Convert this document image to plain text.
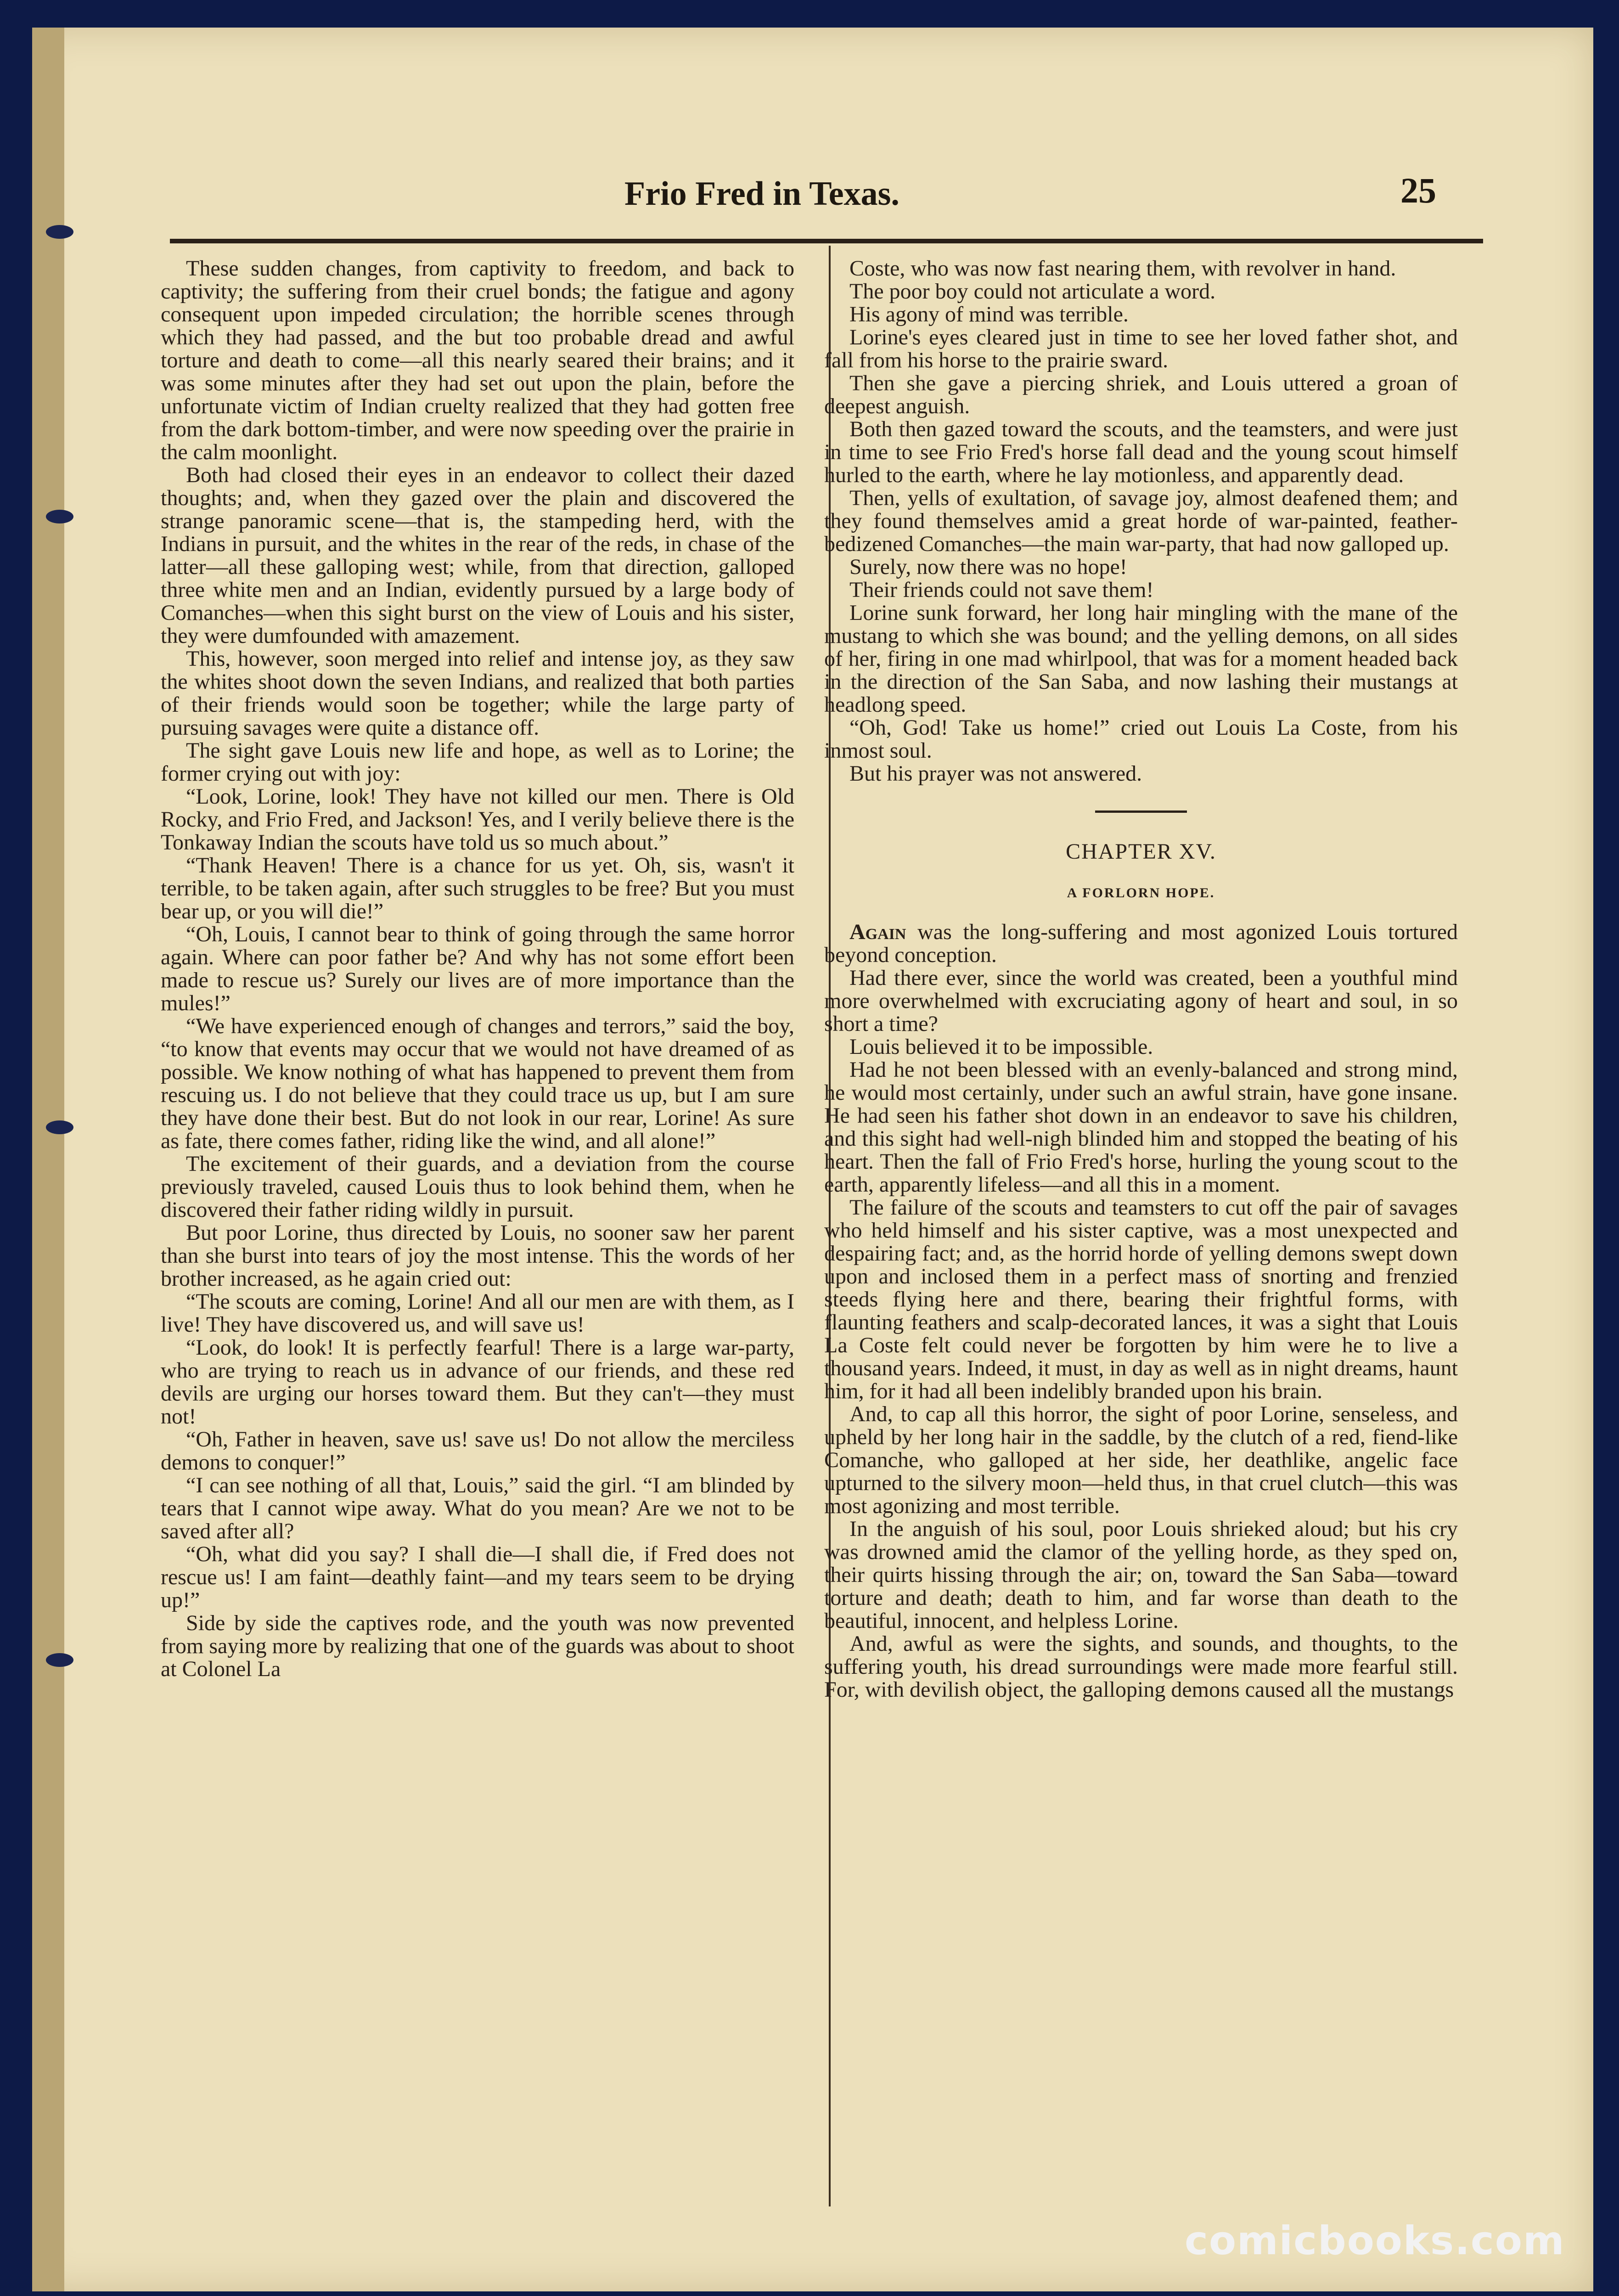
Frio Fred in Texas.	25

These sudden changes, from captivity to freedom, and back to captivity; the suffering from their cruel bonds; the fatigue and agony consequent upon impeded circulation; the horrible scenes through which they had passed, and the but too probable dread and awful torture and death to come—all this nearly seared their brains; and it was some minutes after they had set out upon the plain, before the unfortunate victim of Indian cruelty realized that they had gotten free from the dark bottom-timber, and were now speeding over the prairie in the calm moonlight.

Both had closed their eyes in an endeavor to collect their dazed thoughts; and, when they gazed over the plain and discovered the strange panoramic scene—that is, the stampeding herd, with the Indians in pursuit, and the whites in the rear of the reds, in chase of the latter—all these galloping west; while, from that direction, galloped three white men and an Indian, evidently pursued by a large body of Comanches—when this sight burst on the view of Louis and his sister, they were dumfounded with amazement.

This, however, soon merged into relief and intense joy, as they saw the whites shoot down the seven Indians, and realized that both parties of their friends would soon be together; while the large party of pursuing savages were quite a distance off.

The sight gave Louis new life and hope, as well as to Lorine; the former crying out with joy:

“Look, Lorine, look! They have not killed our men. There is Old Rocky, and Frio Fred, and Jackson! Yes, and I verily believe there is the Tonkaway Indian the scouts have told us so much about.”

“Thank Heaven! There is a chance for us yet. Oh, sis, wasn't it terrible, to be taken again, after such struggles to be free? But you must bear up, or you will die!”

“Oh, Louis, I cannot bear to think of going through the same horror again. Where can poor father be? And why has not some effort been made to rescue us? Surely our lives are of more importance than the mules!”

“We have experienced enough of changes and terrors,” said the boy, “to know that events may occur that we would not have dreamed of as possible. We know nothing of what has happened to prevent them from rescuing us. I do not believe that they could trace us up, but I am sure they have done their best. But do not look in our rear, Lorine! As sure as fate, there comes father, riding like the wind, and all alone!”

The excitement of their guards, and a deviation from the course previously traveled, caused Louis thus to look behind them, when he discovered their father riding wildly in pursuit.

But poor Lorine, thus directed by Louis, no sooner saw her parent than she burst into tears of joy the most intense. This the words of her brother increased, as he again cried out:

“The scouts are coming, Lorine! And all our men are with them, as I live! They have discovered us, and will save us!

“Look, do look! It is perfectly fearful! There is a large war-party, who are trying to reach us in advance of our friends, and these red devils are urging our horses toward them. But they can't—they must not!

“Oh, Father in heaven, save us! save us! Do not allow the merciless demons to conquer!”

“I can see nothing of all that, Louis,” said the girl. “I am blinded by tears that I cannot wipe away. What do you mean? Are we not to be saved after all?

“Oh, what did you say? I shall die—I shall die, if Fred does not rescue us! I am faint—deathly faint—and my tears seem to be drying up!”

Side by side the captives rode, and the youth was now prevented from saying more by realizing that one of the guards was about to shoot at Colonel La

Coste, who was now fast nearing them, with revolver in hand.

The poor boy could not articulate a word.

His agony of mind was terrible.

Lorine's eyes cleared just in time to see her loved father shot, and fall from his horse to the prairie sward.

Then she gave a piercing shriek, and Louis uttered a groan of deepest anguish.

Both then gazed toward the scouts, and the teamsters, and were just in time to see Frio Fred's horse fall dead and the young scout himself hurled to the earth, where he lay motionless, and apparently dead.

Then, yells of exultation, of savage joy, almost deafened them; and they found themselves amid a great horde of war-painted, feather-bedizened Comanches—the main war-party, that had now galloped up.

Surely, now there was no hope!

Their friends could not save them!

Lorine sunk forward, her long hair mingling with the mane of the mustang to which she was bound; and the yelling demons, on all sides of her, firing in one mad whirlpool, that was for a moment headed back in the direction of the San Saba, and now lashing their mustangs at headlong speed.

“Oh, God! Take us home!” cried out Louis La Coste, from his inmost soul.

But his prayer was not answered.

CHAPTER XV.
A FORLORN HOPE.

Again was the long-suffering and most agonized Louis tortured beyond conception.

Had there ever, since the world was created, been a youthful mind more overwhelmed with excruciating agony of heart and soul, in so short a time?

Louis believed it to be impossible.

Had he not been blessed with an evenly-balanced and strong mind, he would most certainly, under such an awful strain, have gone insane. He had seen his father shot down in an endeavor to save his children, and this sight had well-nigh blinded him and stopped the beating of his heart. Then the fall of Frio Fred's horse, hurling the young scout to the earth, apparently lifeless—and all this in a moment.

The failure of the scouts and teamsters to cut off the pair of savages who held himself and his sister captive, was a most unexpected and despairing fact; and, as the horrid horde of yelling demons swept down upon and inclosed them in a perfect mass of snorting and frenzied steeds flying here and there, bearing their frightful forms, with flaunting feathers and scalp-decorated lances, it was a sight that Louis La Coste felt could never be forgotten by him were he to live a thousand years. Indeed, it must, in day as well as in night dreams, haunt him, for it had all been indelibly branded upon his brain.

And, to cap all this horror, the sight of poor Lorine, senseless, and upheld by her long hair in the saddle, by the clutch of a red, fiend-like Comanche, who galloped at her side, her deathlike, angelic face upturned to the silvery moon—held thus, in that cruel clutch—this was most agonizing and most terrible.

In the anguish of his soul, poor Louis shrieked aloud; but his cry was drowned amid the clamor of the yelling horde, as they sped on, their quirts hissing through the air; on, toward the San Saba—toward torture and death; death to him, and far worse than death to the beautiful, innocent, and helpless Lorine.

And, awful as were the sights, and sounds, and thoughts, to the suffering youth, his dread surroundings were made more fearful still. For, with devilish object, the galloping demons caused all the mustangs

comicbooks.com
